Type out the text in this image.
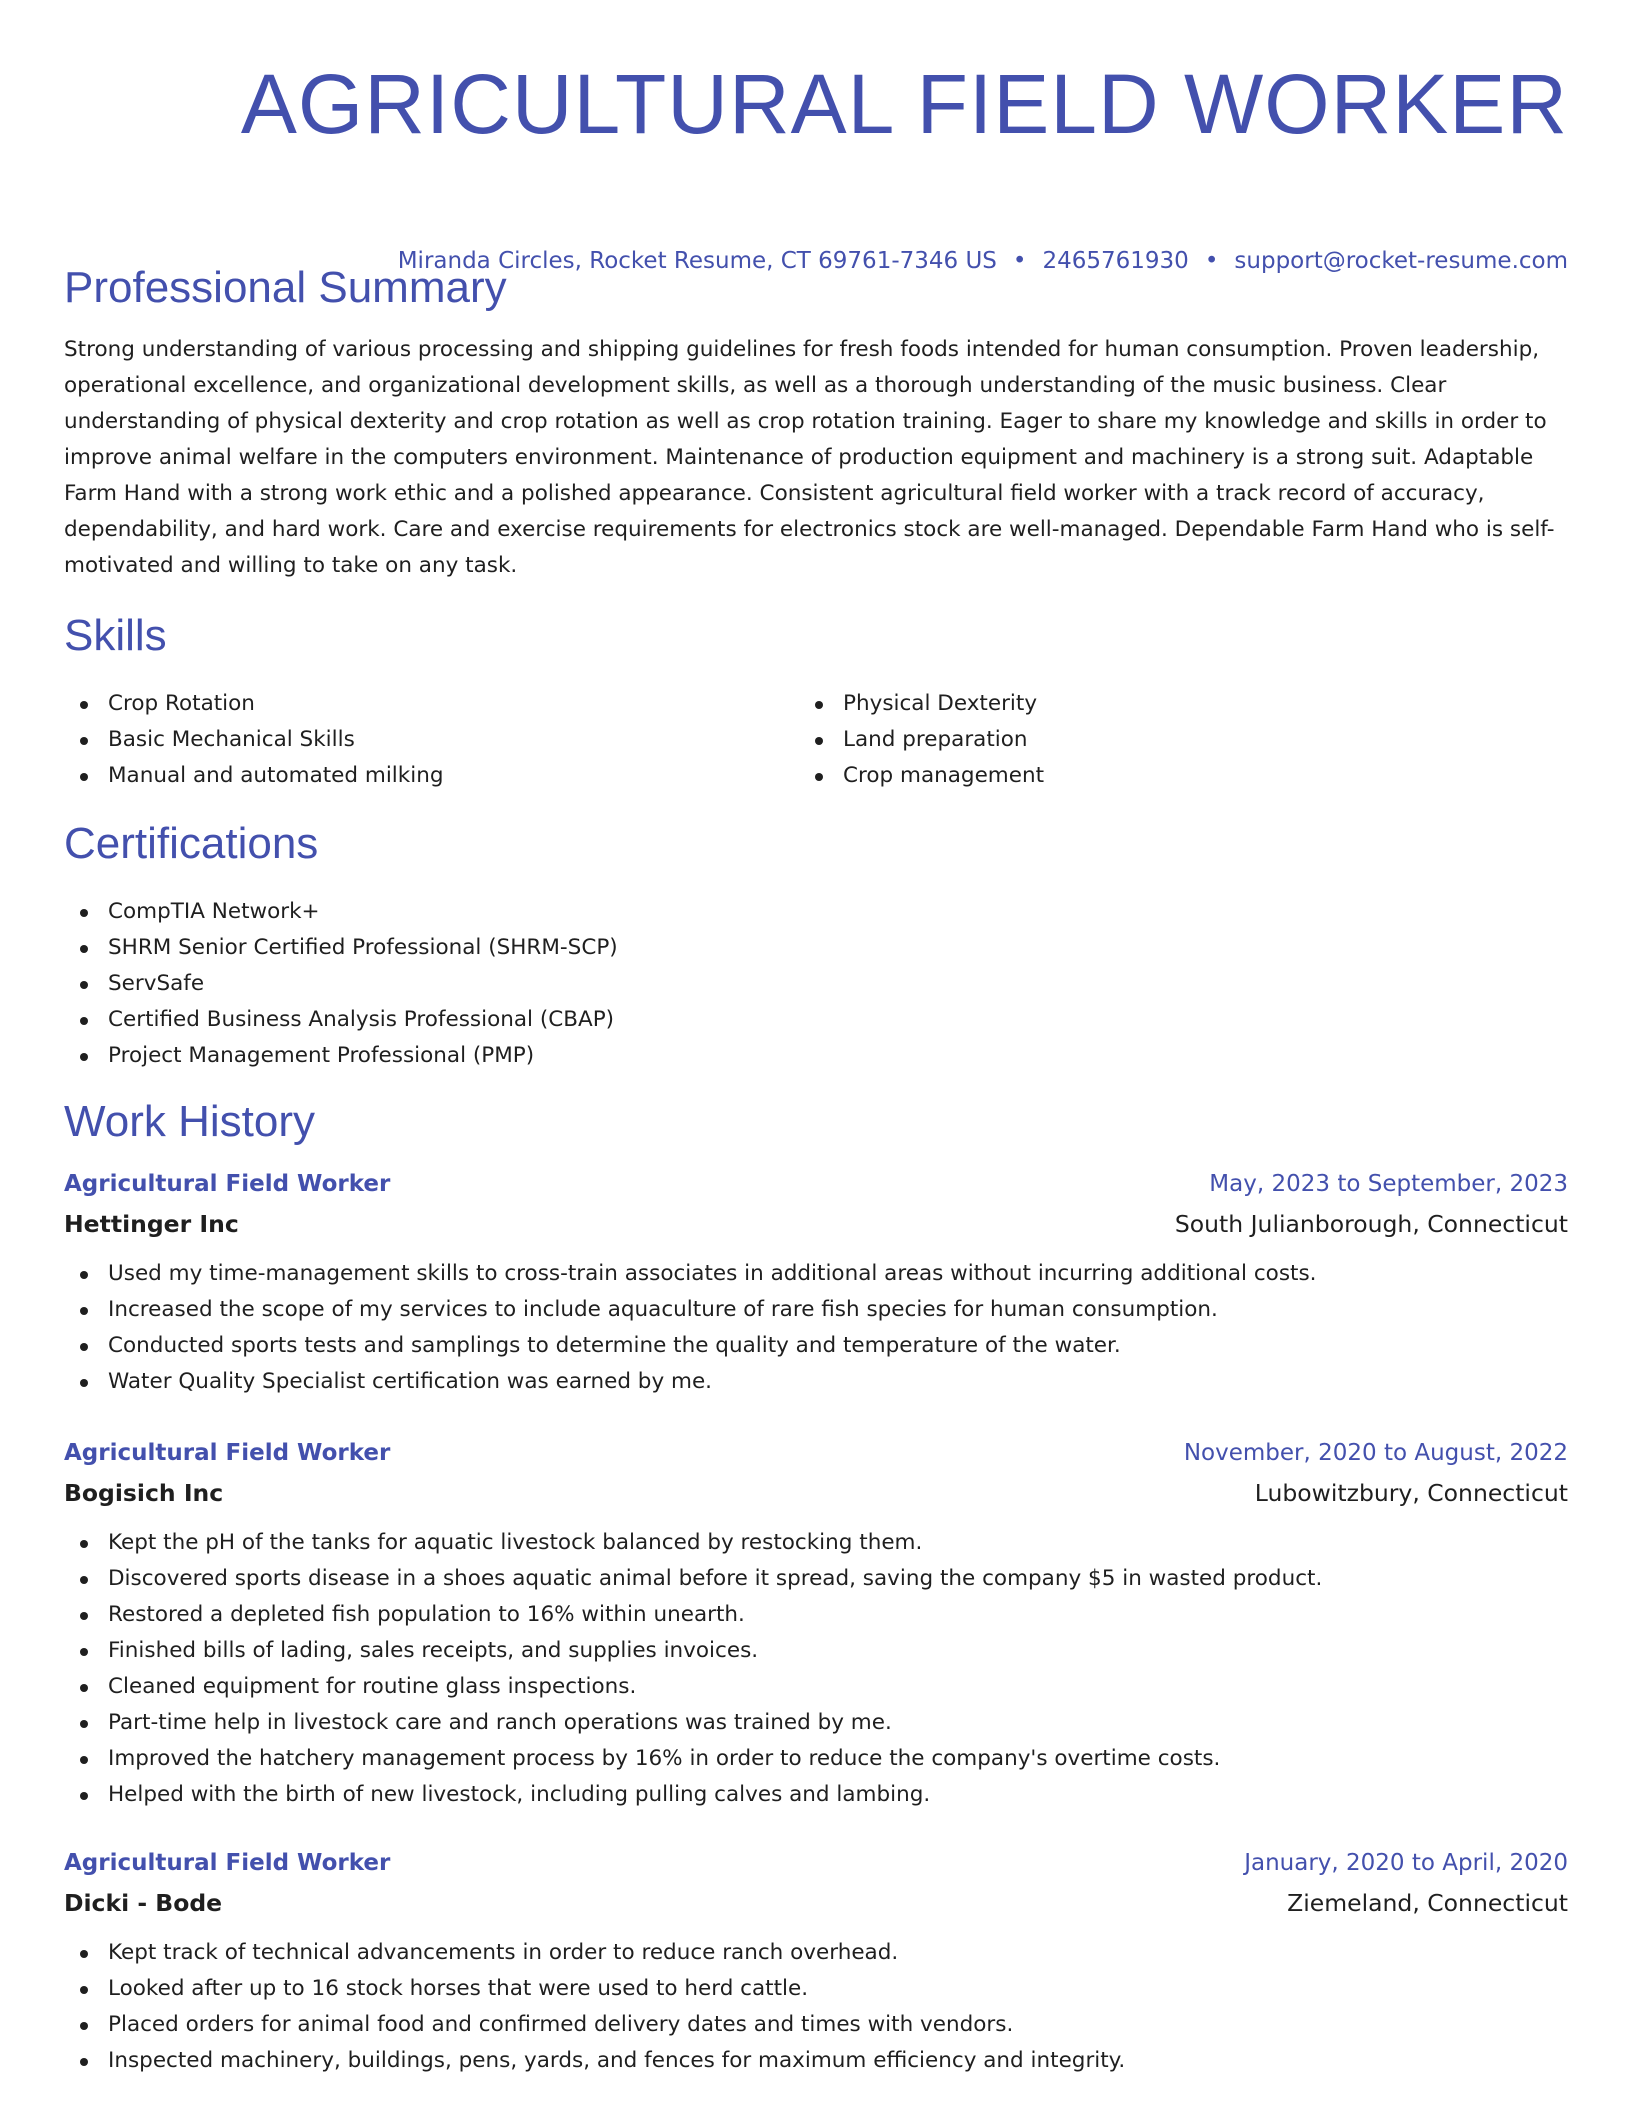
AGRICULTURAL FIELD WORKER
Miranda Circles, Rocket Resume, CT 69761-7346 US • 2465761930 • support@rocket-resume.com
Professional Summary

Strong understanding of various processing and shipping guidelines for fresh foods intended for human consumption. Proven leadership, operational excellence, and organizational development skills, as well as a thorough understanding of the music business. Clear understanding of physical dexterity and crop rotation as well as crop rotation training. Eager to share my knowledge and skills in order to improve animal welfare in the computers environment. Maintenance of production equipment and machinery is a strong suit. Adaptable Farm Hand with a strong work ethic and a polished appearance. Consistent agricultural field worker with a track record of accuracy, dependability, and hard work. Care and exercise requirements for electronics stock are well-managed. Dependable Farm Hand who is self-motivated and willing to take on any task.

Skills
Crop Rotation
Basic Mechanical Skills
Manual and automated milking
Physical Dexterity
Land preparation
Crop management
Certifications
CompTIA Network+
SHRM Senior Certified Professional (SHRM-SCP)
ServSafe
Certified Business Analysis Professional (CBAP)
Project Management Professional (PMP)
Work History
Agricultural Field Worker	May, 2023 to September, 2023
Hettinger Inc	South Julianborough, Connecticut
Used my time-management skills to cross-train associates in additional areas without incurring additional costs.
Increased the scope of my services to include aquaculture of rare fish species for human consumption.
Conducted sports tests and samplings to determine the quality and temperature of the water.
Water Quality Specialist certification was earned by me.
Agricultural Field Worker	November, 2020 to August, 2022
Bogisich Inc	Lubowitzbury, Connecticut
Kept the pH of the tanks for aquatic livestock balanced by restocking them.
Discovered sports disease in a shoes aquatic animal before it spread, saving the company $5 in wasted product.
Restored a depleted fish population to 16% within unearth.
Finished bills of lading, sales receipts, and supplies invoices.
Cleaned equipment for routine glass inspections.
Part-time help in livestock care and ranch operations was trained by me.
Improved the hatchery management process by 16% in order to reduce the company's overtime costs.
Helped with the birth of new livestock, including pulling calves and lambing.
Agricultural Field Worker	January, 2020 to April, 2020
Dicki - Bode	Ziemeland, Connecticut
Kept track of technical advancements in order to reduce ranch overhead.
Looked after up to 16 stock horses that were used to herd cattle.
Placed orders for animal food and confirmed delivery dates and times with vendors.
Inspected machinery, buildings, pens, yards, and fences for maximum efficiency and integrity.
